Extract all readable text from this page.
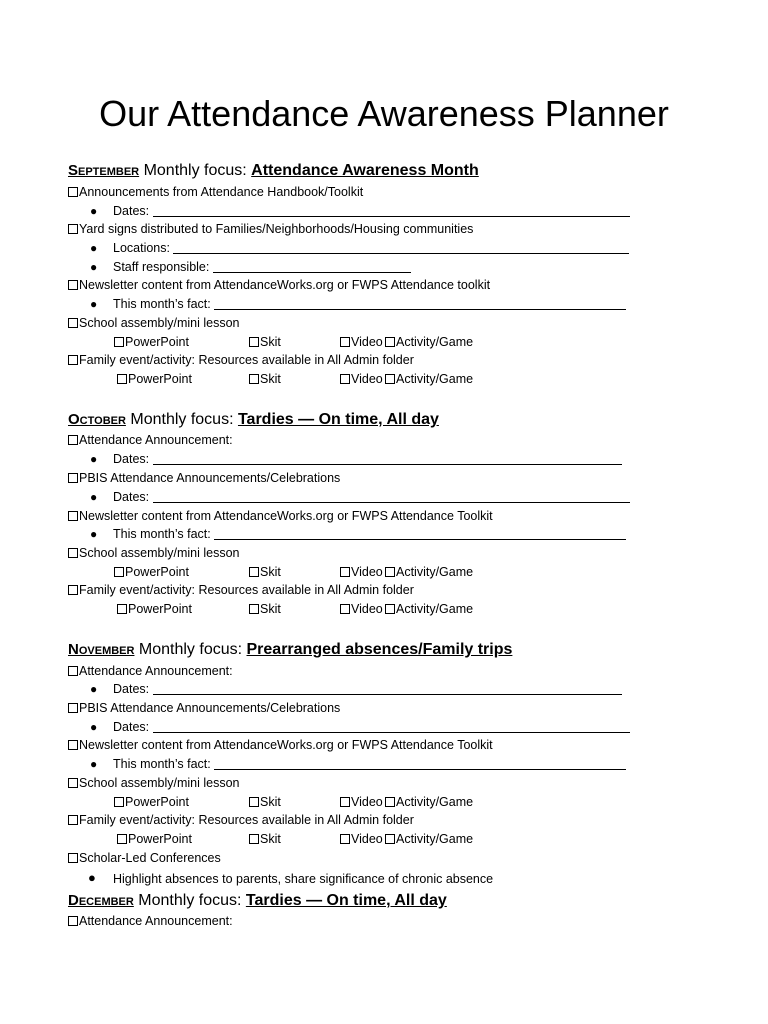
Our Attendance Awareness Planner
September Monthly focus: Attendance Awareness Month
Announcements from Attendance Handbook/Toolkit
● Dates:
Yard signs distributed to Families/Neighborhoods/Housing communities
● Locations:
● Staff responsible:
Newsletter content from AttendanceWorks.org or FWPS Attendance toolkit
● This month’s fact:
School assembly/mini lesson
PowerPoint	Skit	Video	Activity/Game
Family event/activity: Resources available in All Admin folder
PowerPoint	Skit	Video	Activity/Game
October Monthly focus: Tardies — On time, All day
Attendance Announcement:
● Dates:
PBIS Attendance Announcements/Celebrations
● Dates:
Newsletter content from AttendanceWorks.org or FWPS Attendance Toolkit
● This month’s fact:
School assembly/mini lesson
PowerPoint	Skit	Video	Activity/Game
Family event/activity: Resources available in All Admin folder
PowerPoint	Skit	Video	Activity/Game
November Monthly focus: Prearranged absences/Family trips
Attendance Announcement:
● Dates:
PBIS Attendance Announcements/Celebrations
● Dates:
Newsletter content from AttendanceWorks.org or FWPS Attendance Toolkit
● This month’s fact:
School assembly/mini lesson
PowerPoint	Skit	Video	Activity/Game
Family event/activity: Resources available in All Admin folder
PowerPoint	Skit	Video	Activity/Game
Scholar-Led Conferences
● Highlight absences to parents, share significance of chronic absence
December Monthly focus: Tardies — On time, All day
Attendance Announcement:
